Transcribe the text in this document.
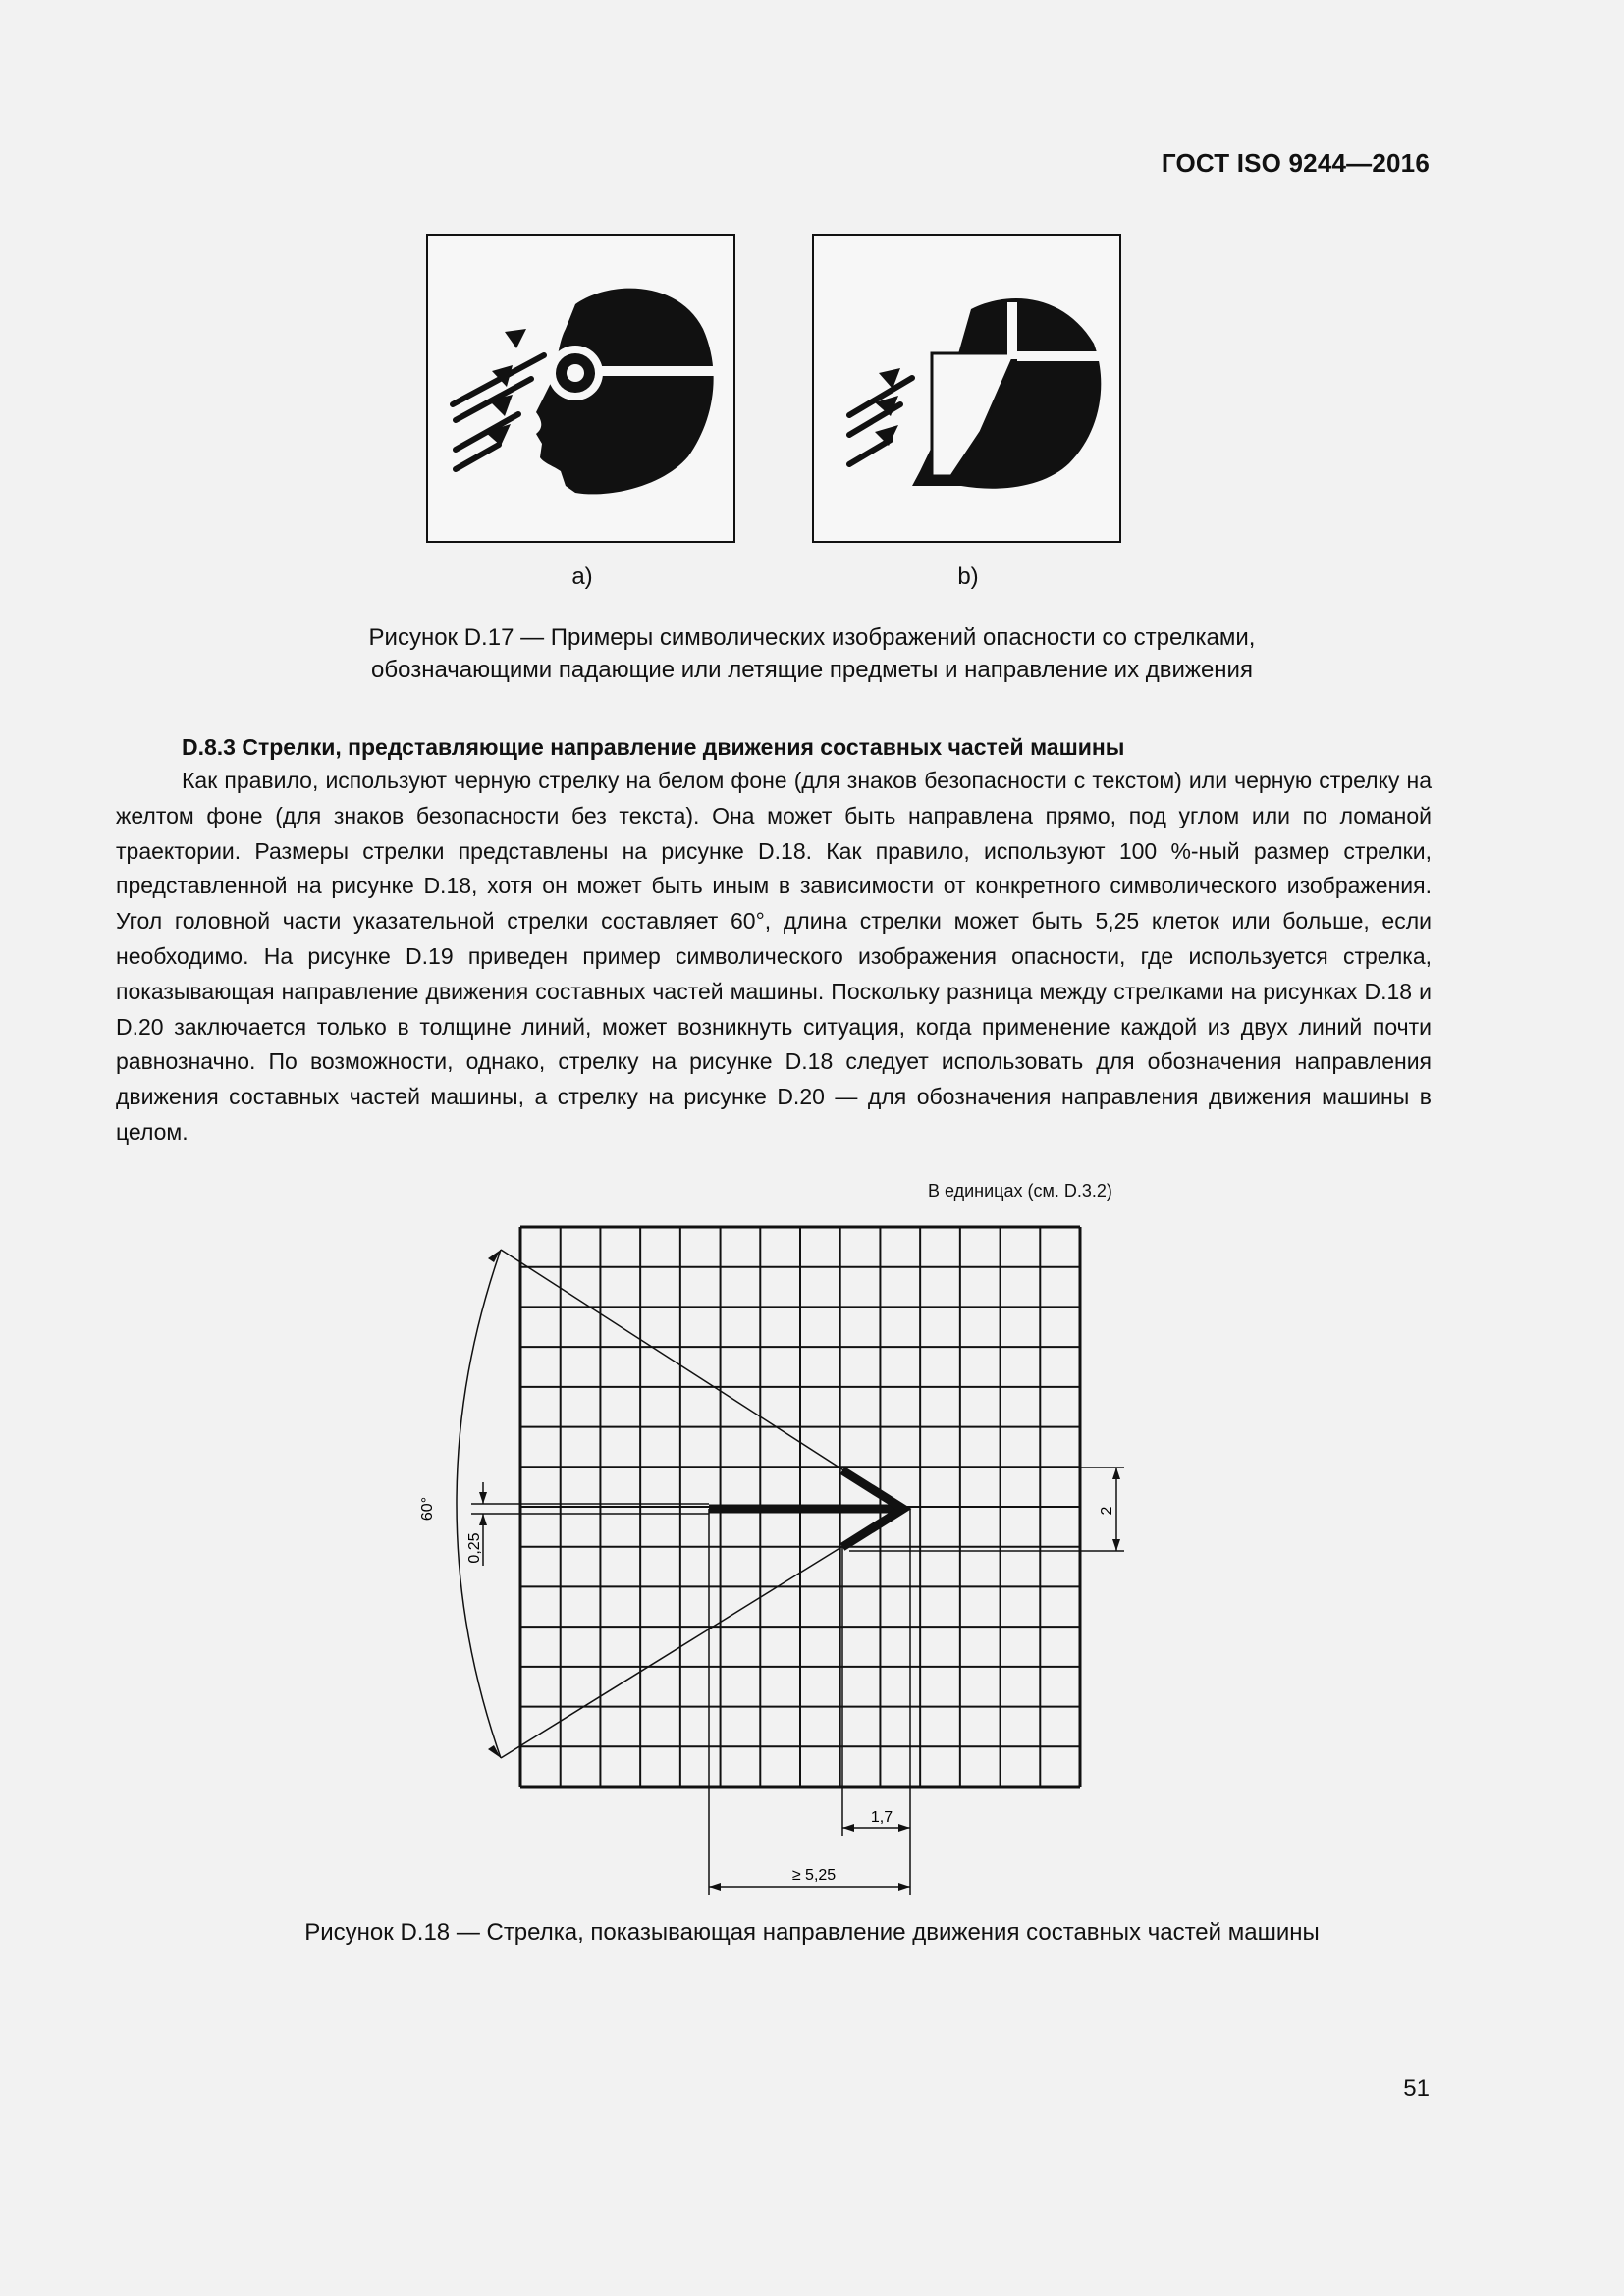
ГОСТ ISO 9244—2016
a)	b)
Рисунок D.17 — Примеры символических изображений опасности со стрелками,
обозначающими падающие или летящие предметы и направление их движения
D.8.3 Стрелки, представляющие направление движения составных частей машины
Как правило, используют черную стрелку на белом фоне (для знаков безопасности с текстом) или черную стрелку на желтом фоне (для знаков безопасности без текста). Она может быть направлена прямо, под углом или по ломаной траектории. Размеры стрелки представлены на рисунке D.18. Как правило, используют 100 %-ный размер стрелки, представленной на рисунке D.18, хотя он может быть иным в зависимости от конкретного символического изображения. Угол головной части указательной стрелки составляет 60°, длина стрелки может быть 5,25 клеток или больше, если необходимо. На рисунке D.19 приведен пример символического изображения опасности, где используется стрелка, показывающая направление движения составных частей машины. Поскольку разница между стрелками на рисунках D.18 и D.20 заключается только в толщине линий, может возникнуть ситуация, когда применение каждой из двух линий почти равнозначно. По возможности, однако, стрелку на рисунке D.18 следует использовать для обозначения направления движения составных частей машины, а стрелку на рисунке D.20 — для обозначения направления движения машины в целом.
В единицах (см. D.3.2)
2
0,25
60°
1,7
≥ 5,25
Рисунок D.18 — Стрелка, показывающая направление движения составных частей машины
51
